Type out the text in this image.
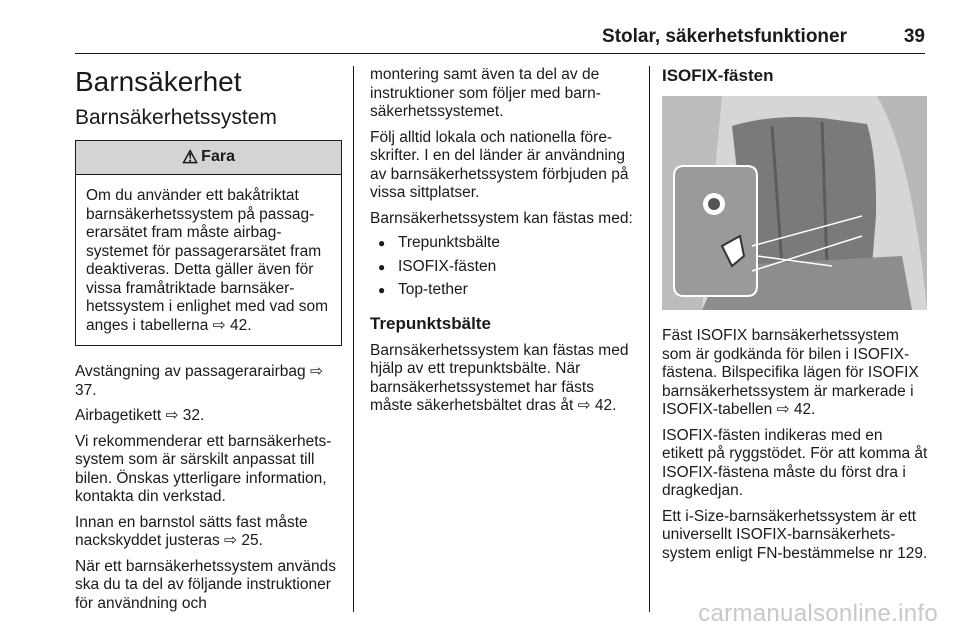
Stolar, säkerhetsfunktioner	39
Barnsäkerhet
Barnsäkerhetssystem
⚠ Fara
Om du använder ett bakåtriktat barnsäkerhetssystem på passag-erarsätet fram måste airbag-systemet för passagerarsätet fram deaktiveras. Detta gäller även för vissa framåtriktade barnsäker-hetssystem i enlighet med vad som anges i tabellerna ⇨ 42.

Avstängning av passagerarairbag ⇨ 37.

Airbagetikett ⇨ 32.

Vi rekommenderar ett barnsäkerhets-system som är särskilt anpassat till bilen. Önskas ytterligare information, kontakta din verkstad.

Innan en barnstol sätts fast måste nackskyddet justeras ⇨ 25.

När ett barnsäkerhetssystem används ska du ta del av följande instruktioner för användning och

montering samt även ta del av de instruktioner som följer med barn-säkerhetssystemet.

Följ alltid lokala och nationella före-skrifter. I en del länder är användning av barnsäkerhetssystem förbjuden på vissa sittplatser.

Barnsäkerhetssystem kan fästas med:

● Trepunktsbälte
● ISOFIX-fästen
● Top-tether
Trepunktsbälte

Barnsäkerhetssystem kan fästas med hjälp av ett trepunktsbälte. När barnsäkerhetssystemet har fästs måste säkerhetsbältet dras åt ⇨ 42.

ISOFIX-fästen

Fäst ISOFIX barnsäkerhetssystem som är godkända för bilen i ISOFIX-fästena. Bilspecifika lägen för ISOFIX barnsäkerhetssystem är markerade i ISOFIX-tabellen ⇨ 42.

ISOFIX-fästen indikeras med en etikett på ryggstödet. För att komma åt ISOFIX-fästena måste du först dra i dragkedjan.

Ett i-Size-barnsäkerhetssystem är ett universellt ISOFIX-barnsäkerhets-system enligt FN-bestämmelse nr 129.

carmanualsonline.info
